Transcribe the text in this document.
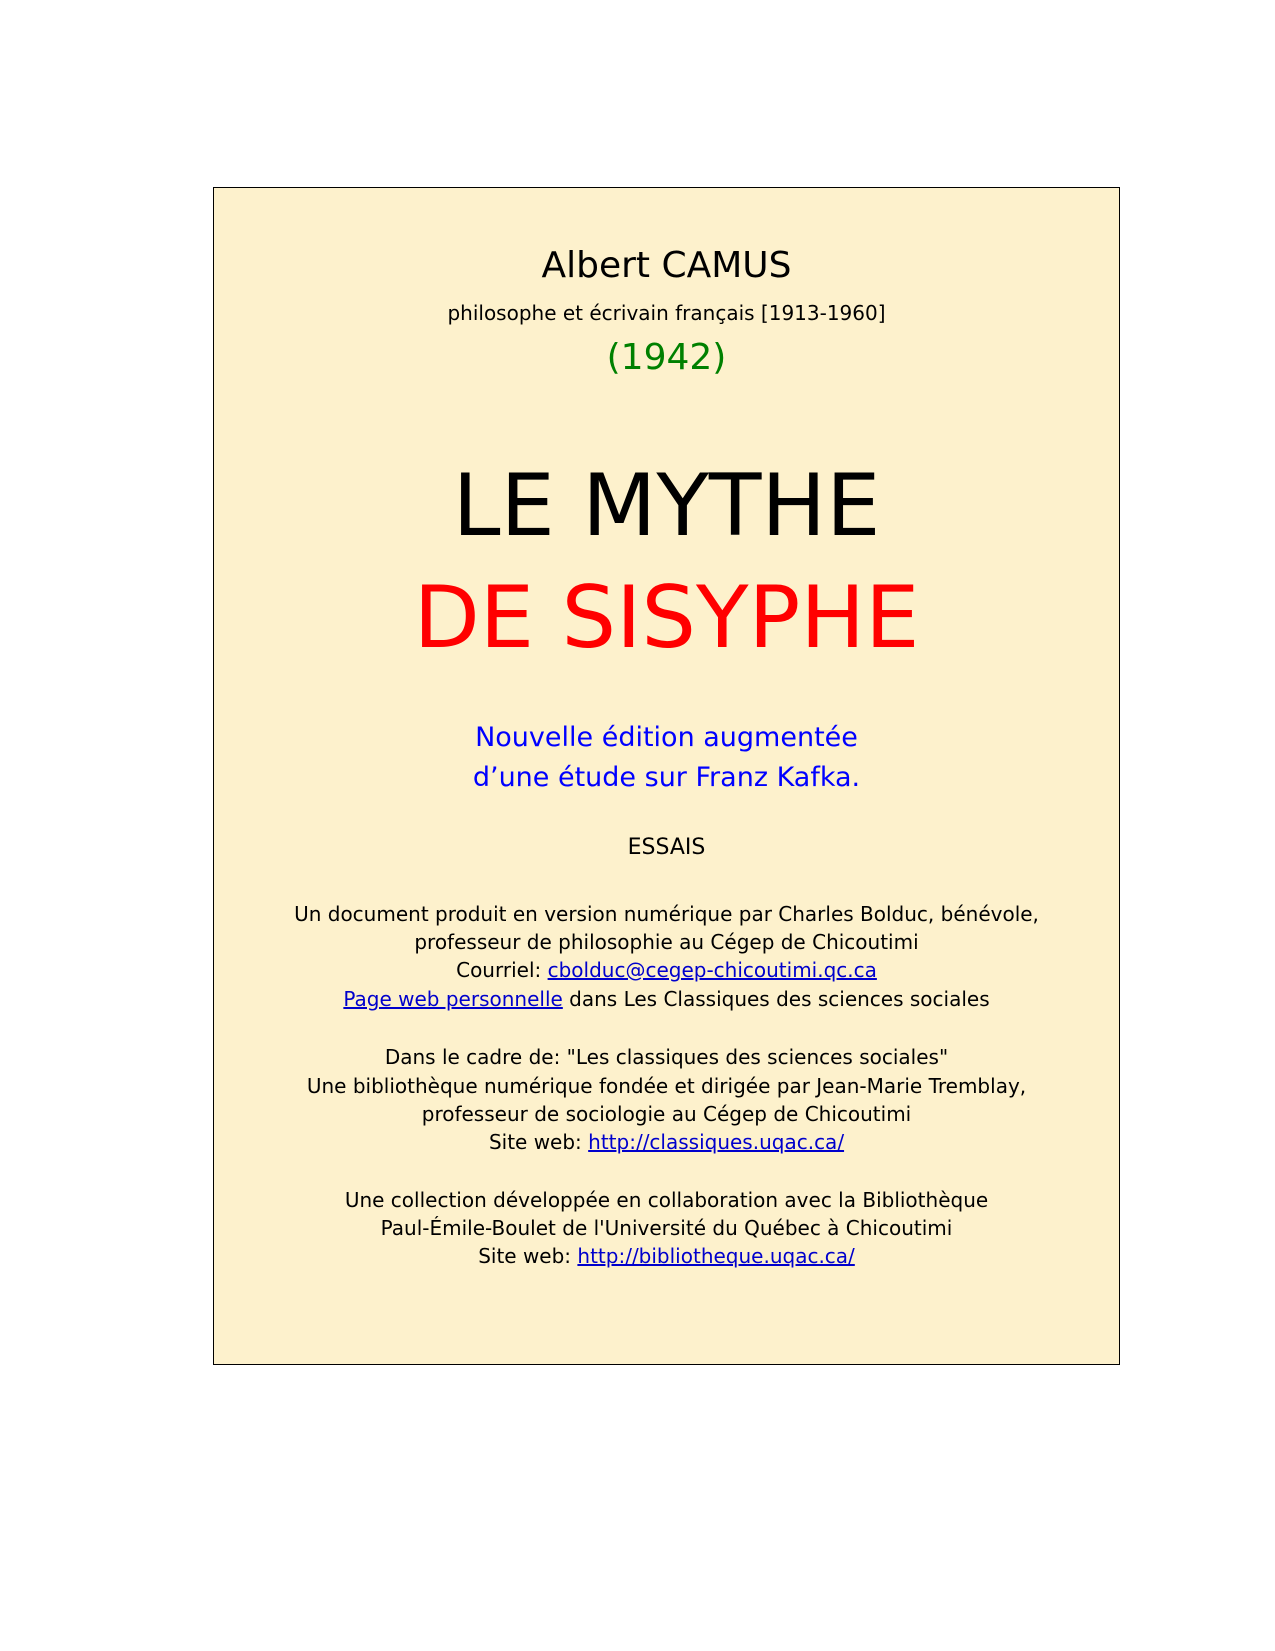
Albert CAMUS
philosophe et écrivain français [1913-1960]
(1942)
LE MYTHE
DE SISYPHE
Nouvelle édition augmentée
d’une étude sur Franz Kafka.
ESSAIS
Un document produit en version numérique par Charles Bolduc, bénévole,
professeur de philosophie au Cégep de Chicoutimi
Courriel: cbolduc@cegep-chicoutimi.qc.ca
Page web personnelle dans Les Classiques des sciences sociales
Dans le cadre de: "Les classiques des sciences sociales"
Une bibliothèque numérique fondée et dirigée par Jean-Marie Tremblay,
professeur de sociologie au Cégep de Chicoutimi
Site web: http://classiques.uqac.ca/
Une collection développée en collaboration avec la Bibliothèque
Paul-Émile-Boulet de l'Université du Québec à Chicoutimi
Site web: http://bibliotheque.uqac.ca/
